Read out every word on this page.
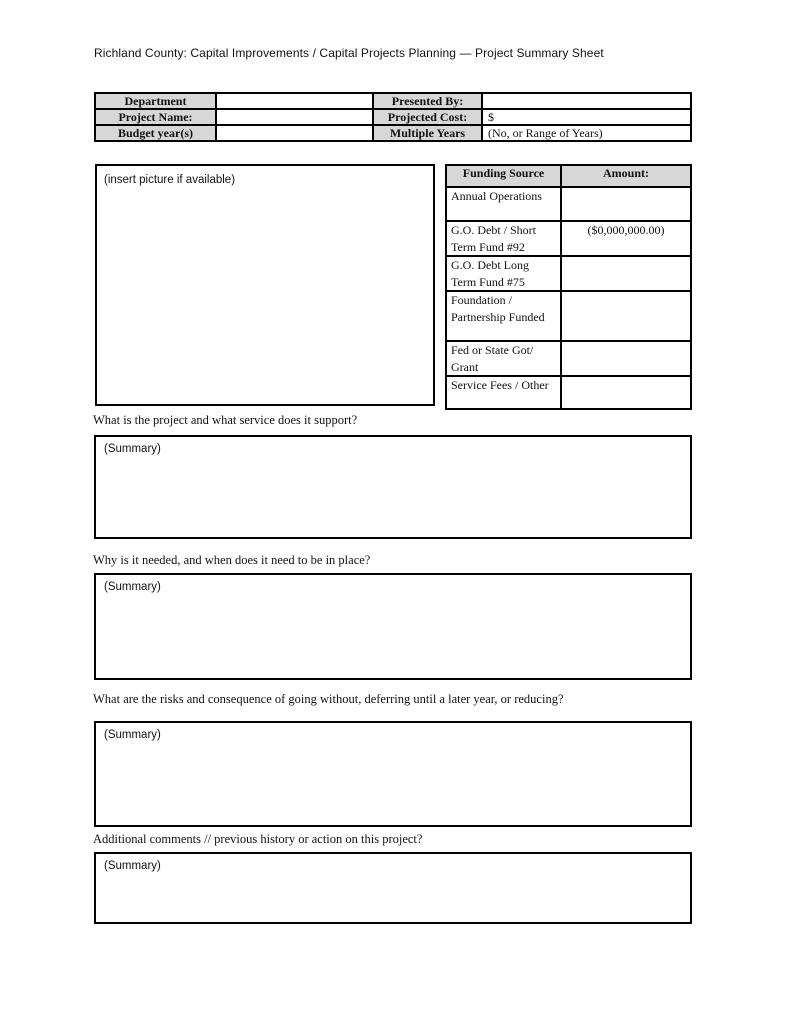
Richland County: Capital Improvements / Capital Projects Planning — Project Summary Sheet
Department		Presented By:	
Project Name:		Projected Cost:	$
Budget year(s)		Multiple Years	(No, or Range of Years)
(insert picture if available)	Funding Source	Amount:
Annual Operations	
G.O. Debt / Short Term Fund #92	($0,000,000.00)
G.O. Debt Long Term Fund #75	
Foundation / Partnership Funded	
Fed or State Got/ Grant	
Service Fees / Other	
What is the project and what service does it support?
(Summary)
Why is it needed, and when does it need to be in place?
(Summary)
What are the risks and consequence of going without, deferring until a later year, or reducing?
(Summary)
Additional comments // previous history or action on this project?
(Summary)
